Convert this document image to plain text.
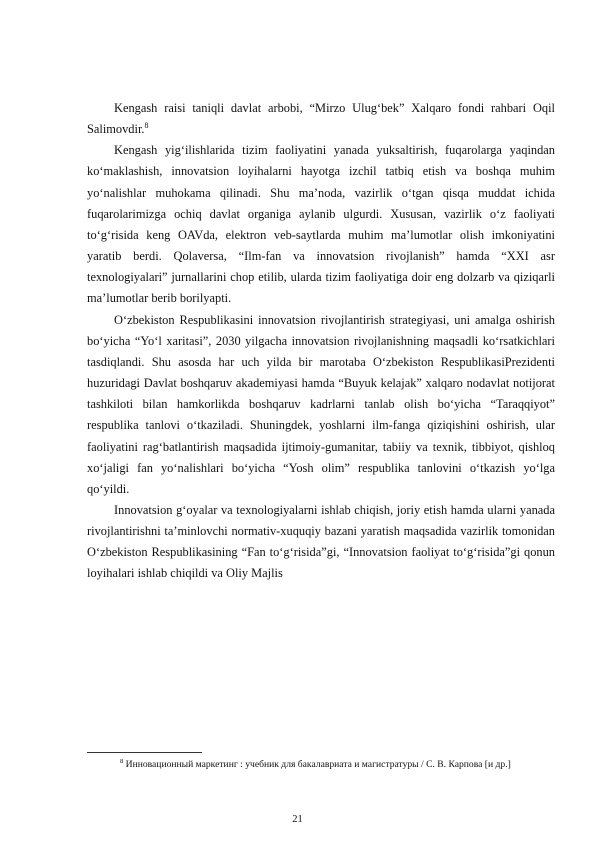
Kengash raisi taniqli davlat arbobi, “Mirzo Ulug‘bek” Xalqaro fondi rahbari Oqil Salimovdir.$^8$

Kengash yig‘ilishlarida tizim faoliyatini yanada yuksaltirish, fuqarolarga yaqindan ko‘maklashish, innovatsion loyihalarni hayotga izchil tatbiq etish va boshqa muhim yo‘nalishlar muhokama qilinadi. Shu ma’noda, vazirlik o‘tgan qisqa muddat ichida fuqarolarimizga ochiq davlat organiga aylanib ulgurdi. Xususan, vazirlik o‘z faoliyati to‘g‘risida keng OAVda, elektron veb-saytlarda muhim ma’lumotlar olish imkoniyatini yaratib berdi. Qolaversa, “Ilm-fan va innovatsion rivojlanish” hamda “XXI asr texnologiyalari” jurnallarini chop etilib, ularda tizim faoliyatiga doir eng dolzarb va qiziqarli ma’lumotlar berib borilyapti.

O‘zbekiston Respublikasini innovatsion rivojlantirish strategiyasi, uni amalga oshirish bo‘yicha “Yo‘l xaritasi”, 2030 yilgacha innovatsion rivojlanishning maqsadli ko‘rsatkichlari tasdiqlandi. Shu asosda har uch yilda bir marotaba O‘zbekiston RespublikasiPrezidenti huzuridagi Davlat boshqaruv akademiyasi hamda “Buyuk kelajak” xalqaro nodavlat notijorat tashkiloti bilan hamkorlikda boshqaruv kadrlarni tanlab olish bo‘yicha “Taraqqiyot” respublika tanlovi o‘tkaziladi. Shuningdek, yoshlarni ilm-fanga qiziqishini oshirish, ular faoliyatini rag‘batlantirish maqsadida ijtimoiy-gumanitar, tabiiy va texnik, tibbiyot, qishloq xo‘jaligi fan yo‘nalishlari bo‘yicha “Yosh olim” respublika tanlovini o‘tkazish yo‘lga qo‘yildi.

Innovatsion g‘oyalar va texnologiyalarni ishlab chiqish, joriy etish hamda ularni yanada rivojlantirishni ta’minlovchi normativ-xuquqiy bazani yaratish maqsadida vazirlik tomonidan O‘zbekiston Respublikasining “Fan to‘g‘risida”gi, “Innovatsion faoliyat to‘g‘risida”gi qonun loyihalari ishlab chiqildi va Oliy Majlis

$^8$ Инновационный маркетинг : учебник для бакалавриата и магистратуры / С. В. Карпова [и др.]
21
